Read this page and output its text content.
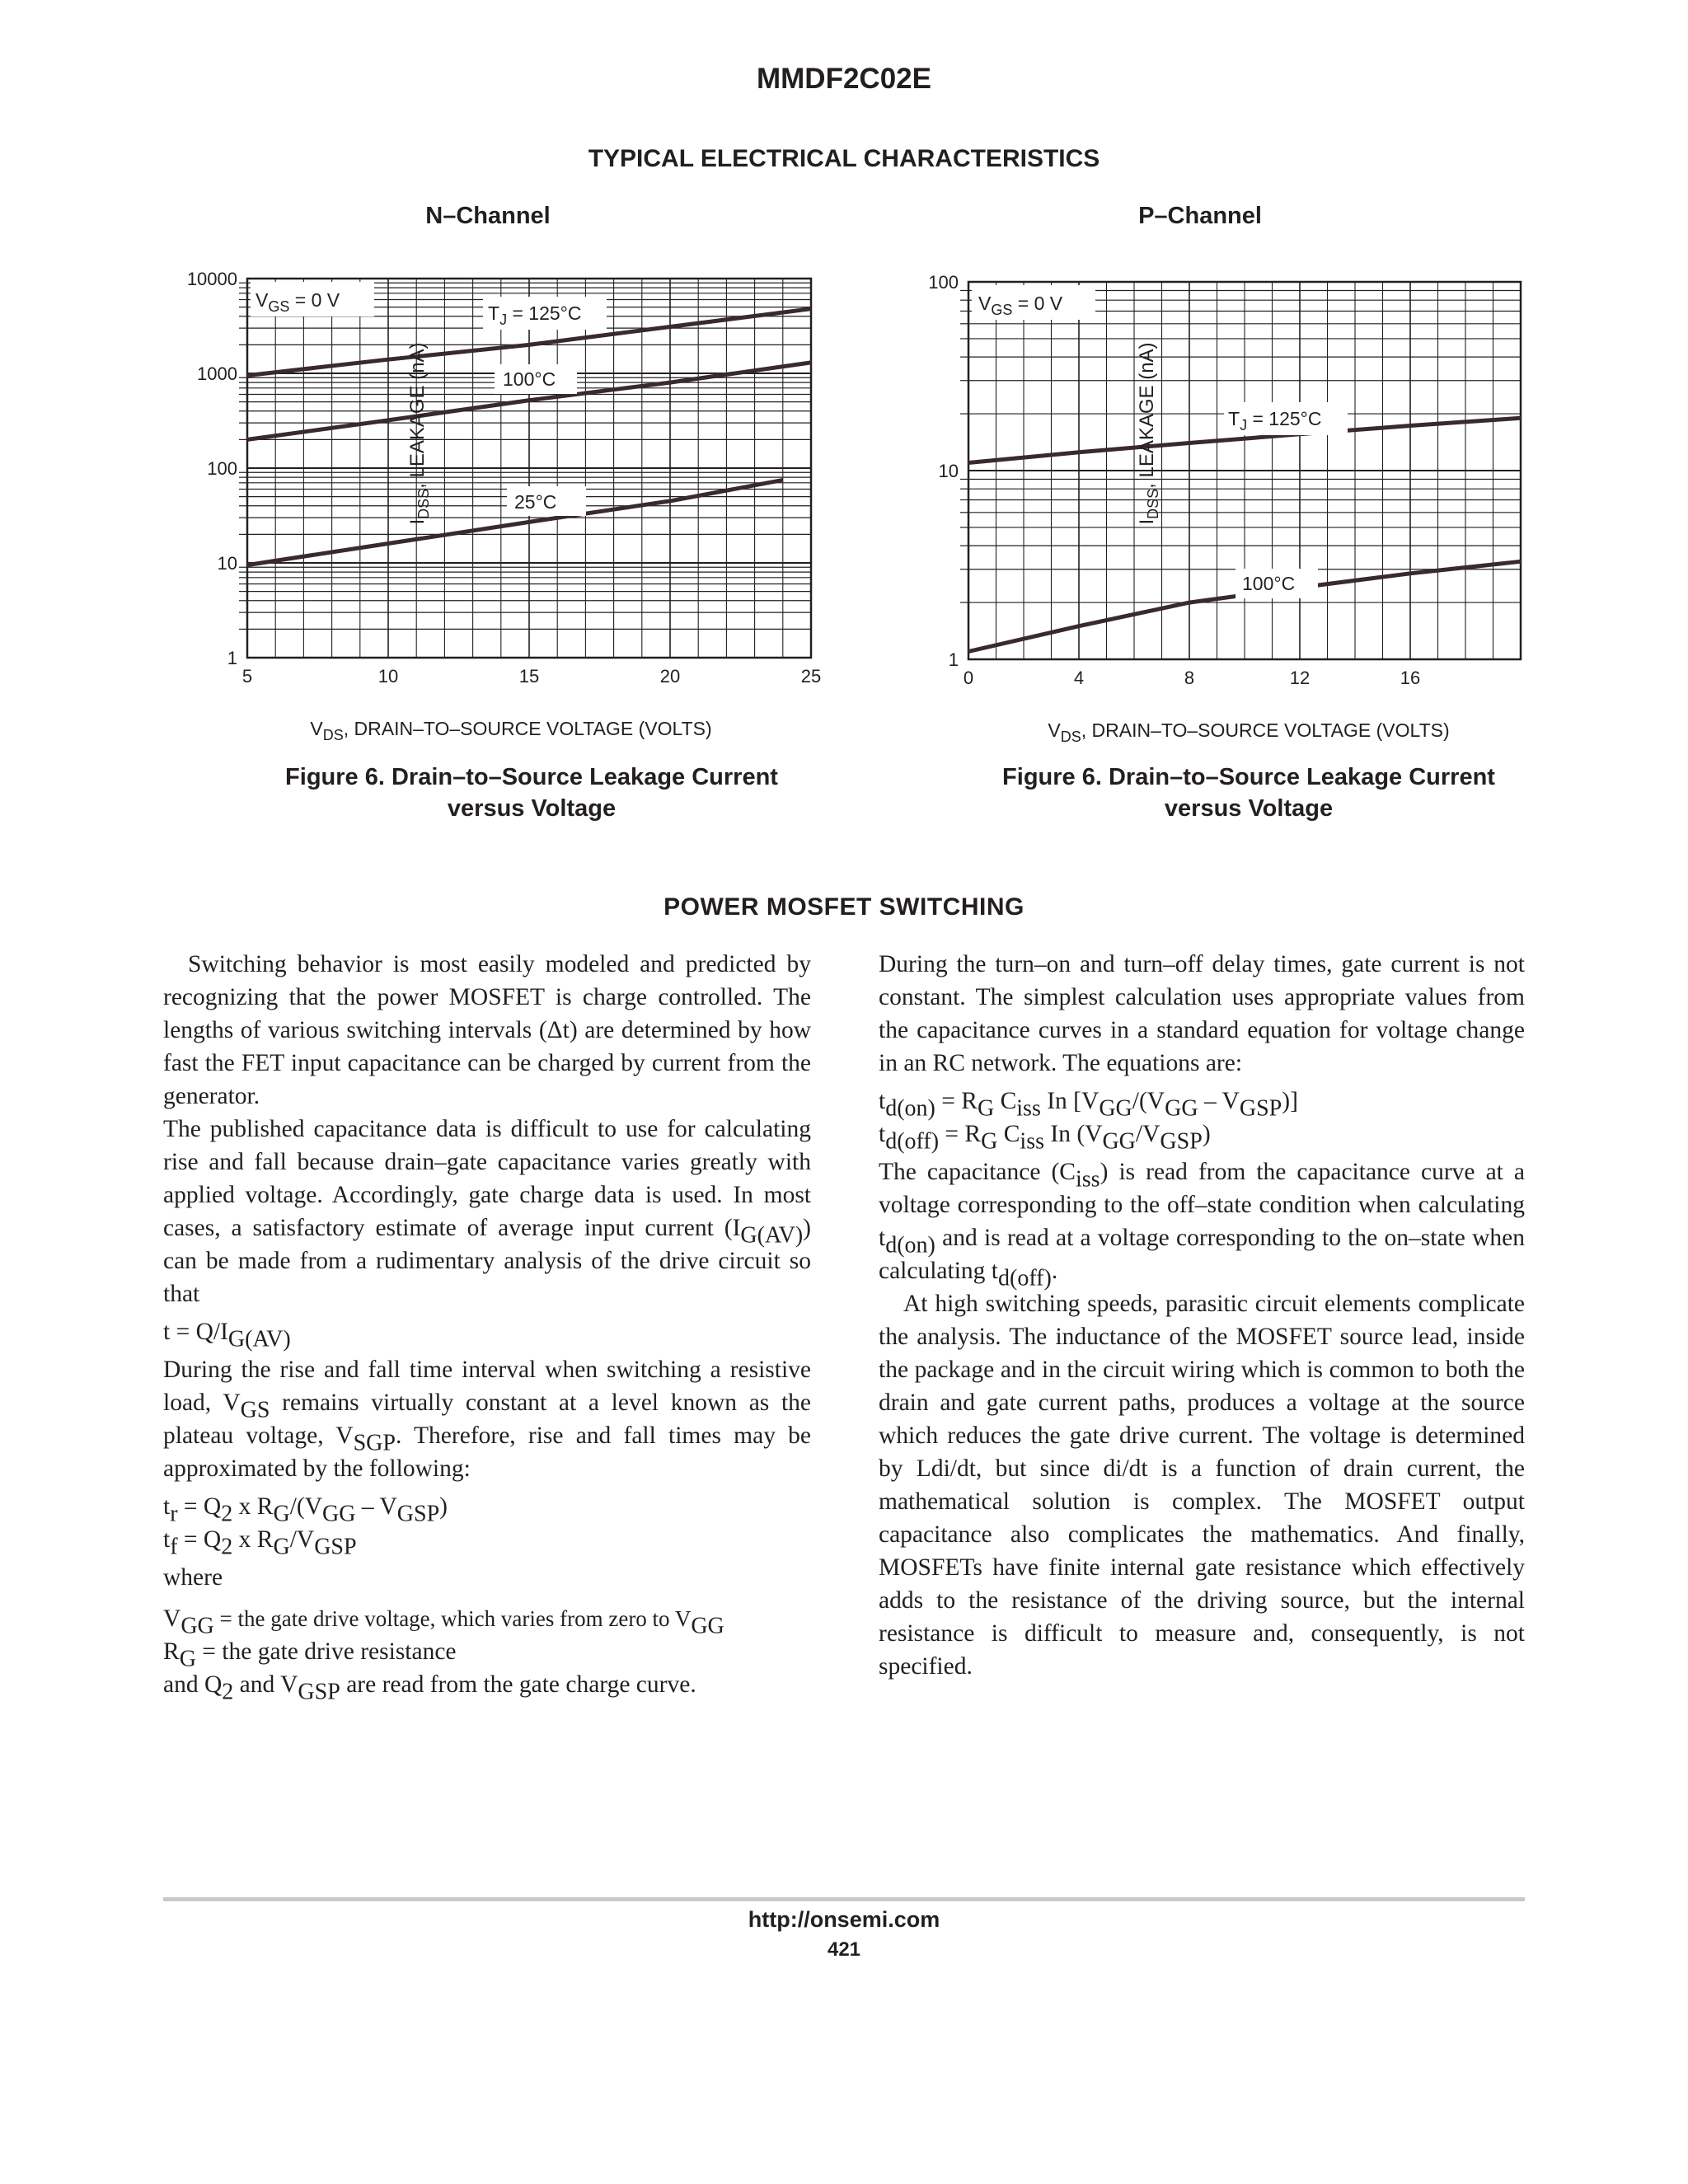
MMDF2C02E
TYPICAL ELECTRICAL CHARACTERISTICS
N–Channel	P–Channel
1
10
100
1000
10000
5	10	15	20	25
$V_{GS} = 0$ V
$T_J = 125^\circ C$
100°C
25°C
$I_{DSS}$, LEAKAGE (nA)
$V_{DS}$, DRAIN–TO–SOURCE VOLTAGE (VOLTS)
1
10
100
0	4	8	12	16
$V_{GS} = 0$ V
$T_J = 125^\circ C$
100°C
$I_{DSS}$, LEAKAGE (nA)
$V_{DS}$, DRAIN–TO–SOURCE VOLTAGE (VOLTS)
Figure 6. Drain–to–Source Leakage Current
versus Voltage
Figure 6. Drain–to–Source Leakage Current
versus Voltage
POWER MOSFET SWITCHING

Switching behavior is most easily modeled and predicted by recognizing that the power MOSFET is charge controlled. The lengths of various switching intervals (Δt) are determined by how fast the FET input capacitance can be charged by current from the generator.

The published capacitance data is difficult to use for calculating rise and fall because drain–gate capacitance varies greatly with applied voltage. Accordingly, gate charge data is used. In most cases, a satisfactory estimate of average input current $(I_{G(AV)})$ can be made from a rudimentary analysis of the drive circuit so that

$t = Q/I_{G(AV)}$

During the rise and fall time interval when switching a resistive load, $V_{GS}$ remains virtually constant at a level known as the plateau voltage, $V_{SGP}$. Therefore, rise and fall times may be approximated by the following:

$t_r = Q_2$ x $R_G/(V_{GG} - V_{GSP})$
$t_f = Q_2$ x $R_G/V_{GSP}$

where

$V_{GG}$ = the gate drive voltage, which varies from zero to $V_{GG}$

$R_G$ = the gate drive resistance

and $Q_2$ and $V_{GSP}$ are read from the gate charge curve.

During the turn–on and turn–off delay times, gate current is not constant. The simplest calculation uses appropriate values from the capacitance curves in a standard equation for voltage change in an RC network. The equations are:

$t_{d(on)} = R_G$ $C_{iss}$ In $[V_{GG}/(V_{GG} - V_{GSP})]$
$t_{d(off)} = R_G$ $C_{iss}$ In $(V_{GG}/V_{GSP})$

The capacitance $(C_{iss})$ is read from the capacitance curve at a voltage corresponding to the off–state condition when calculating $t_{d(on)}$ and is read at a voltage corresponding to the on–state when calculating $t_{d(off)}$.

At high switching speeds, parasitic circuit elements complicate the analysis. The inductance of the MOSFET source lead, inside the package and in the circuit wiring which is common to both the drain and gate current paths, produces a voltage at the source which reduces the gate drive current. The voltage is determined by Ldi/dt, but since di/dt is a function of drain current, the mathematical solution is complex. The MOSFET output capacitance also complicates the mathematics. And finally, MOSFETs have finite internal gate resistance which effectively adds to the resistance of the driving source, but the internal resistance is difficult to measure and, consequently, is not specified.

http://onsemi.com
421
